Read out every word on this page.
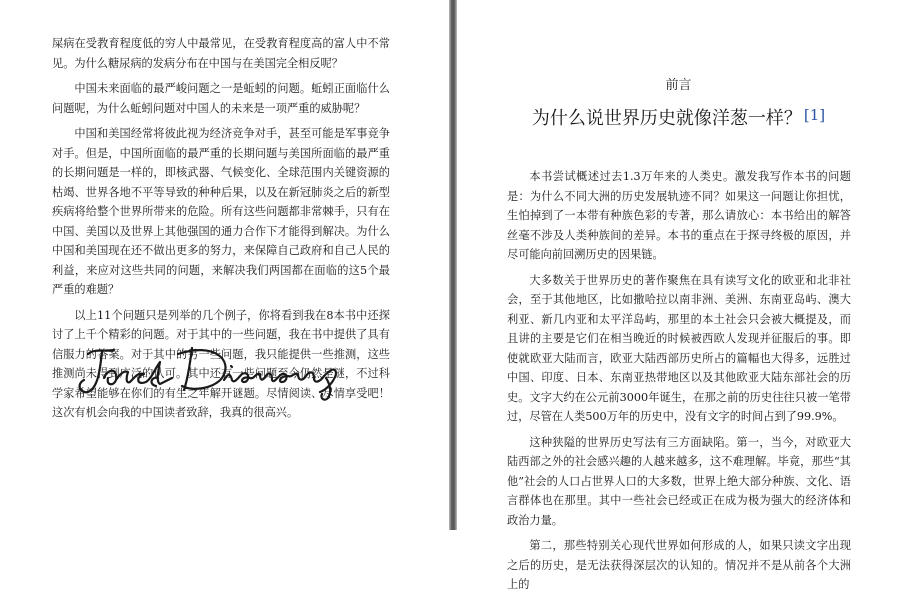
屎病在受教育程度低的穷人中最常见，在受教育程度高的富人中不常见。为什么糖尿病的发病分布在中国与在美国完全相反呢？

中国未来面临的最严峻问题之一是蚯蚓的问题。蚯蚓正面临什么问题呢，为什么蚯蚓问题对中国人的未来是一项严重的威胁呢？

中国和美国经常将彼此视为经济竞争对手，甚至可能是军事竞争对手。但是，中国所面临的最严重的长期问题与美国所面临的最严重的长期问题是一样的，即核武器、气候变化、全球范围内关键资源的枯竭、世界各地不平等导致的种种后果，以及在新冠肺炎之后的新型疾病将给整个世界所带来的危险。所有这些问题都非常棘手，只有在中国、美国以及世界上其他强国的通力合作下才能得到解决。为什么中国和美国现在还不做出更多的努力，来保障自己政府和自己人民的利益，来应对这些共同的问题，来解决我们两国都在面临的这5个最严重的难题？

以上11个问题只是列举的几个例子，你将看到我在8本书中还探讨了上千个精彩的问题。对于其中的一些问题，我在书中提供了具有信服力的答案。对于其中的另一些问题，我只能提供一些推测，这些推测尚未得到广泛的认可。其中还有一些问题至今仍然是谜，不过科学家希望能够在你们的有生之年解开谜题。尽情阅读、尽情享受吧！这次有机会向我的中国读者致辞，我真的很高兴。

前言
为什么说世界历史就像洋葱一样？ [1]

本书尝试概述过去1.3万年来的人类史。激发我写作本书的问题是：为什么不同大洲的历史发展轨迹不同？如果这一问题让你担忧，生怕掉到了一本带有种族色彩的专著，那么请放心：本书给出的解答丝毫不涉及人类种族间的差异。本书的重点在于探寻终极的原因，并尽可能向前回溯历史的因果链。

大多数关于世界历史的著作聚焦在具有读写文化的欧亚和北非社会，至于其他地区，比如撒哈拉以南非洲、美洲、东南亚岛屿、澳大利亚、新几内亚和太平洋岛屿，那里的本土社会只会被大概提及，而且讲的主要是它们在相当晚近的时候被西欧人发现并征服后的事。即使就欧亚大陆而言，欧亚大陆西部历史所占的篇幅也大得多，远胜过中国、印度、日本、东南亚热带地区以及其他欧亚大陆东部社会的历史。文字大约在公元前3000年诞生，在那之前的历史往往只被一笔带过，尽管在人类500万年的历史中，没有文字的时间占到了99.9%。

这种狭隘的世界历史写法有三方面缺陷。第一，当今，对欧亚大陆西部之外的社会感兴趣的人越来越多，这不难理解。毕竟，那些“其他”社会的人口占世界人口的大多数，世界上绝大部分种族、文化、语言群体也在那里。其中一些社会已经或正在成为极为强大的经济体和政治力量。

第二，那些特别关心现代世界如何形成的人，如果只读文字出现之后的历史，是无法获得深层次的认知的。情况并不是从前各个大洲上的
